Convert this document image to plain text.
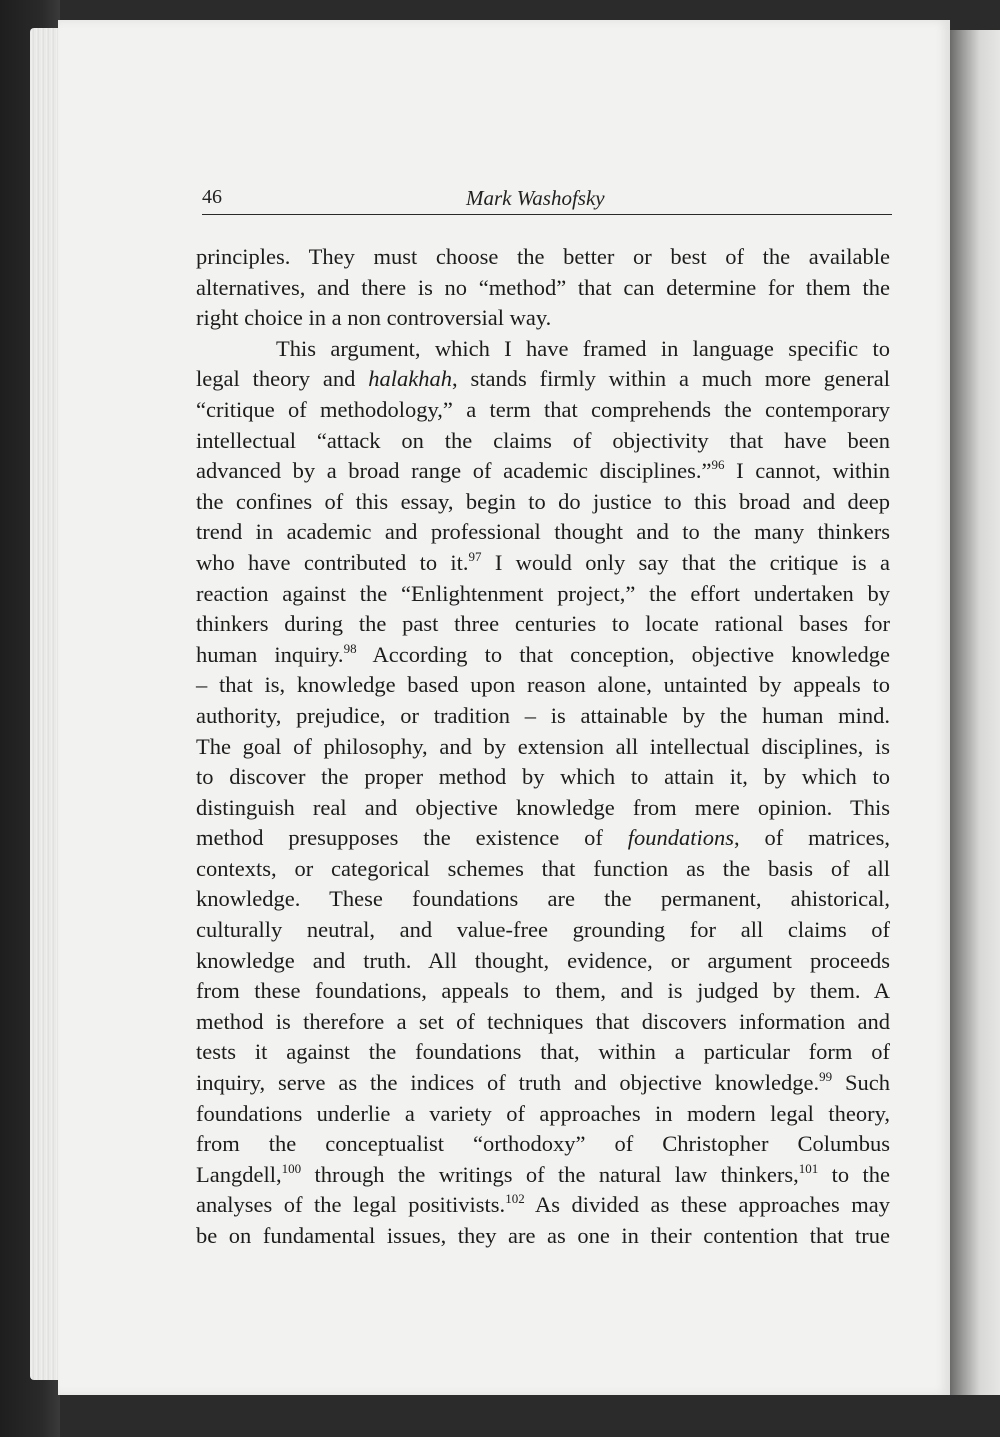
46	Mark Washofsky
principles. They must choose the better or best of the available
alternatives, and there is no “method” that can determine for them the
right choice in a non controversial way.
This argument, which I have framed in language specific to
legal theory and halakhah, stands firmly within a much more general
“critique of methodology,” a term that comprehends the contemporary
intellectual “attack on the claims of objectivity that have been
advanced by a broad range of academic disciplines.”$^{96}$ I cannot, within
the confines of this essay, begin to do justice to this broad and deep
trend in academic and professional thought and to the many thinkers
who have contributed to it.$^{97}$ I would only say that the critique is a
reaction against the “Enlightenment project,” the effort undertaken by
thinkers during the past three centuries to locate rational bases for
human inquiry.$^{98}$ According to that conception, objective knowledge
– that is, knowledge based upon reason alone, untainted by appeals to
authority, prejudice, or tradition – is attainable by the human mind.
The goal of philosophy, and by extension all intellectual disciplines, is
to discover the proper method by which to attain it, by which to
distinguish real and objective knowledge from mere opinion. This
method presupposes the existence of foundations, of matrices,
contexts, or categorical schemes that function as the basis of all
knowledge. These foundations are the permanent, ahistorical,
culturally neutral, and value-free grounding for all claims of
knowledge and truth. All thought, evidence, or argument proceeds
from these foundations, appeals to them, and is judged by them. A
method is therefore a set of techniques that discovers information and
tests it against the foundations that, within a particular form of
inquiry, serve as the indices of truth and objective knowledge.$^{99}$ Such
foundations underlie a variety of approaches in modern legal theory,
from the conceptualist “orthodoxy” of Christopher Columbus
Langdell,$^{100}$ through the writings of the natural law thinkers,$^{101}$ to the
analyses of the legal positivists.$^{102}$ As divided as these approaches may
be on fundamental issues, they are as one in their contention that true
